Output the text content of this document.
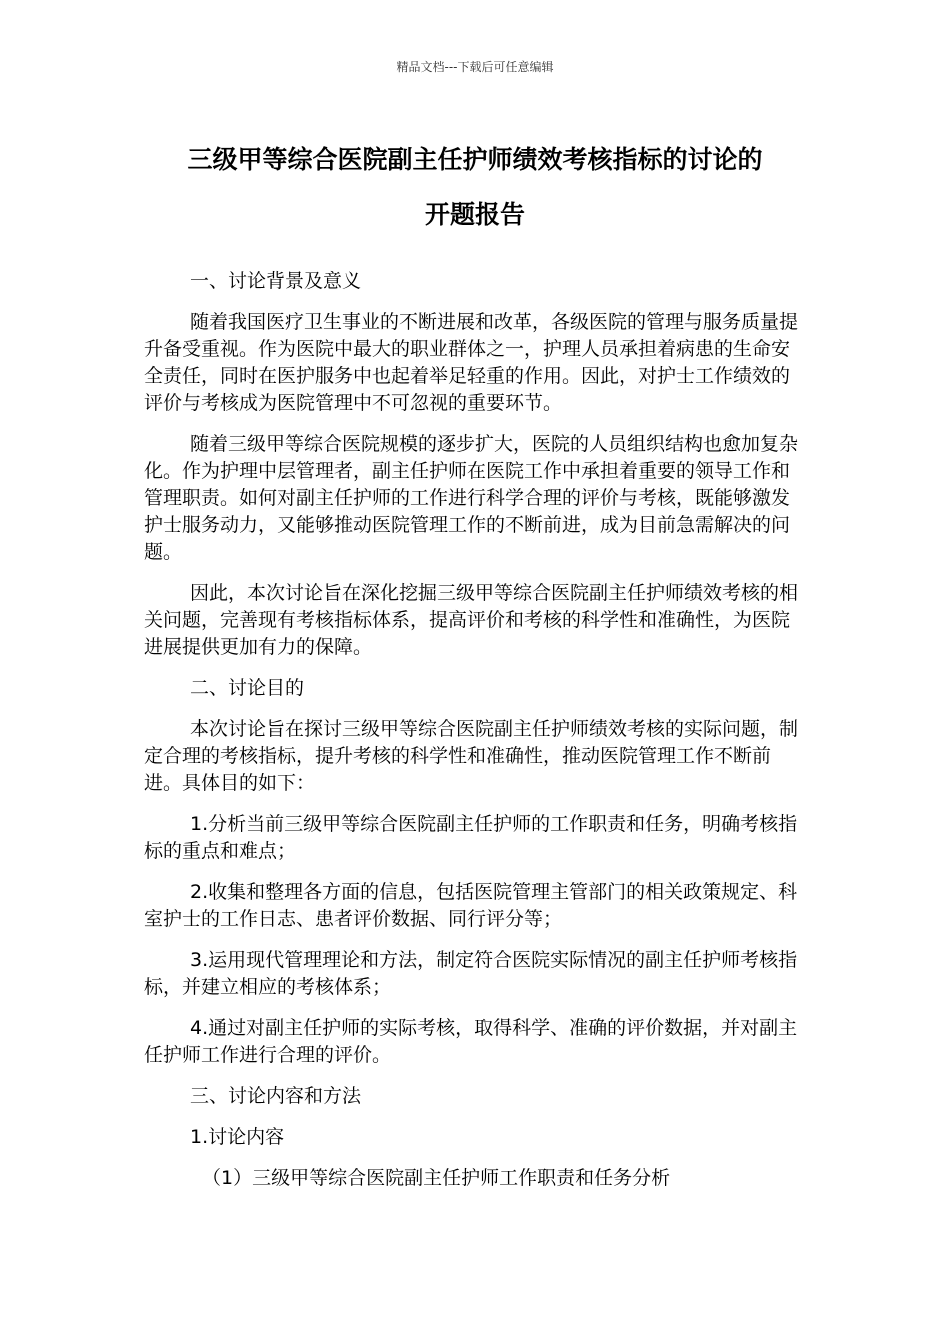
精品文档---下载后可任意编辑
三级甲等综合医院副主任护师绩效考核指标的讨论的
开题报告

一、讨论背景及意义

随着我国医疗卫生事业的不断进展和改革，各级医院的管理与服务质量提升备受重视。作为医院中最大的职业群体之一，护理人员承担着病患的生命安全责任，同时在医护服务中也起着举足轻重的作用。因此，对护士工作绩效的评价与考核成为医院管理中不可忽视的重要环节。

随着三级甲等综合医院规模的逐步扩大，医院的人员组织结构也愈加复杂化。作为护理中层管理者，副主任护师在医院工作中承担着重要的领导工作和管理职责。如何对副主任护师的工作进行科学合理的评价与考核，既能够激发护士服务动力，又能够推动医院管理工作的不断前进，成为目前急需解决的问题。

因此，本次讨论旨在深化挖掘三级甲等综合医院副主任护师绩效考核的相关问题，完善现有考核指标体系，提高评价和考核的科学性和准确性，为医院进展提供更加有力的保障。

二、讨论目的

本次讨论旨在探讨三级甲等综合医院副主任护师绩效考核的实际问题，制定合理的考核指标，提升考核的科学性和准确性，推动医院管理工作不断前进。具体目的如下：

1.分析当前三级甲等综合医院副主任护师的工作职责和任务，明确考核指标的重点和难点；

2.收集和整理各方面的信息，包括医院管理主管部门的相关政策规定、科室护士的工作日志、患者评价数据、同行评分等；

3.运用现代管理理论和方法，制定符合医院实际情况的副主任护师考核指标，并建立相应的考核体系；

4.通过对副主任护师的实际考核，取得科学、准确的评价数据，并对副主任护师工作进行合理的评价。

三、讨论内容和方法

1.讨论内容

（1）三级甲等综合医院副主任护师工作职责和任务分析
